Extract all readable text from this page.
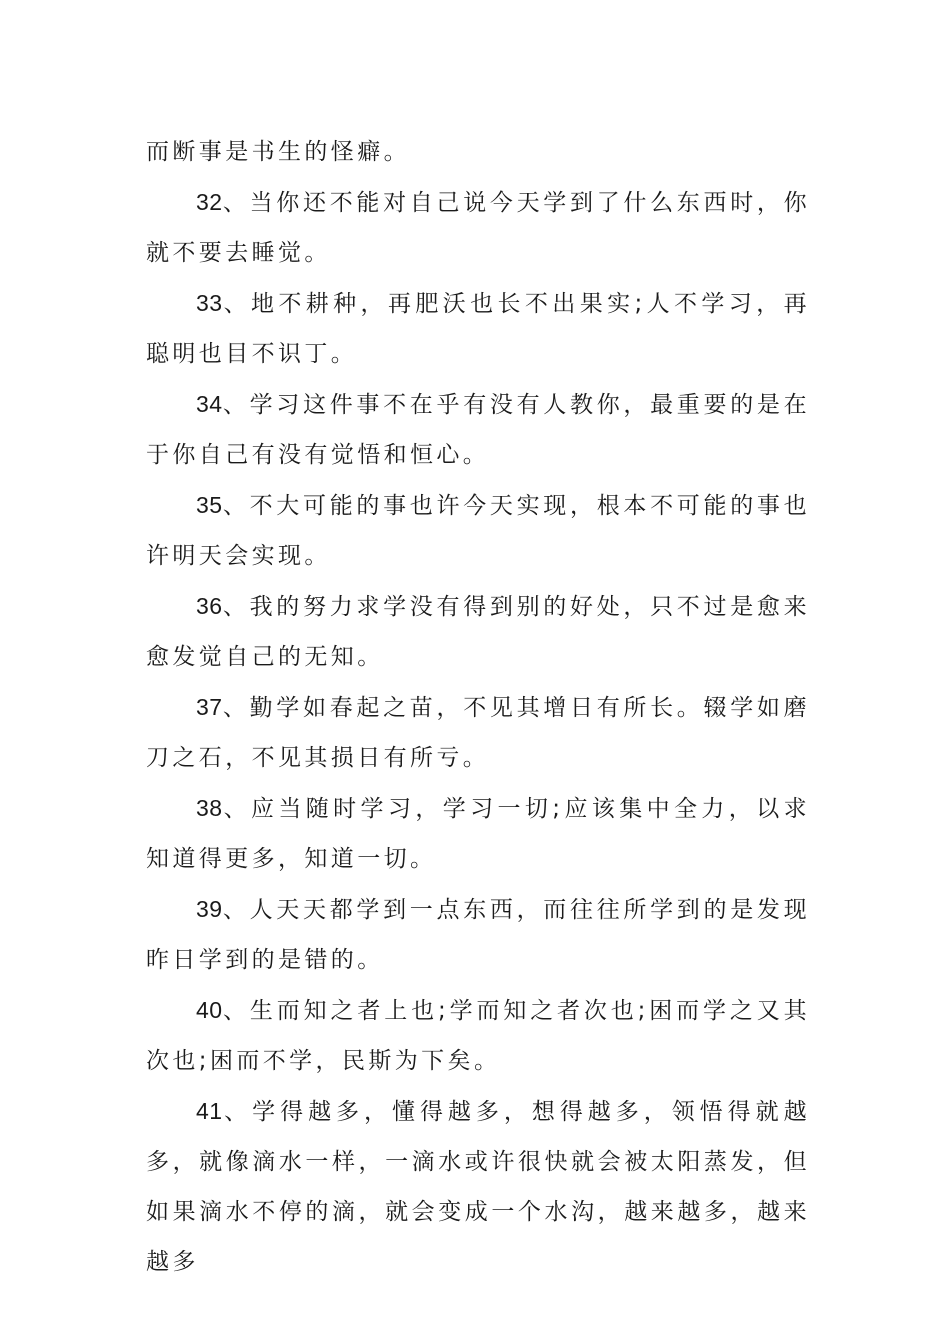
而断事是书生的怪癖。

32、当你还不能对自己说今天学到了什么东西时，你就不要去睡觉。

33、地不耕种，再肥沃也长不出果实;人不学习，再聪明也目不识丁。

34、学习这件事不在乎有没有人教你，最重要的是在于你自己有没有觉悟和恒心。

35、不大可能的事也许今天实现，根本不可能的事也许明天会实现。

36、我的努力求学没有得到别的好处，只不过是愈来愈发觉自己的无知。

37、勤学如春起之苗，不见其增日有所长。辍学如磨刀之石，不见其损日有所亏。

38、应当随时学习，学习一切;应该集中全力，以求知道得更多，知道一切。

39、人天天都学到一点东西，而往往所学到的是发现昨日学到的是错的。

40、生而知之者上也;学而知之者次也;困而学之又其次也;困而不学，民斯为下矣。

41、学得越多，懂得越多，想得越多，领悟得就越多，就像滴水一样，一滴水或许很快就会被太阳蒸发，但如果滴水不停的滴，就会变成一个水沟，越来越多，越来越多
